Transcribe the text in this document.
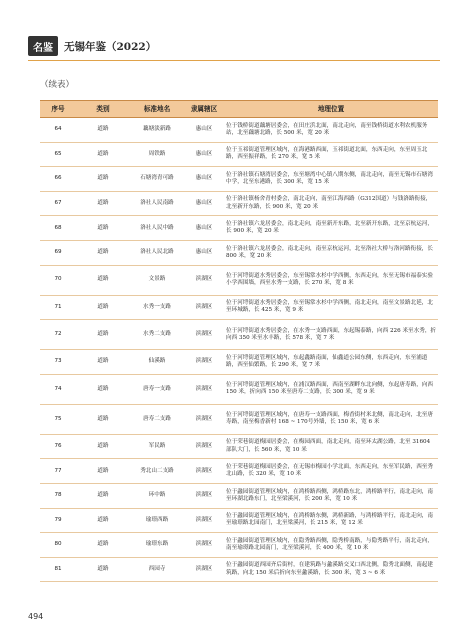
名鉴	无锡年鉴（2022）
（续表）
序号	类别	标准地名	隶属辖区	地理位置
64	道路	藕塘淡新路	惠山区	位于钱桥街道藕塘居委会，在田庄浜北面，南北走向，南至钱桥街道水利农机服务站，北至藕塘北路，长 500 米，宽 20 米
65	道路	周铁路	惠山区	位于玉祁街道管理区域内，在海港路西面，玉祁街道北面，东西走向，东至周玉北路，西至振祥路，长 270 米，宽 5 米
66	道路	石塘湾青可路	惠山区	位于洛社镇石塘湾居委会，东至塘湾中心镇八期东侧，南北走向，南至无锡市石塘湾中学，北至东港路，长 300 米，宽 15 米
67	道路	洛社人民南路	惠山区	位于洛社镇杨舍青村委会，南北走向，南至江海西路（G312国道）与钱洛路衔接，北至新开东路，长 900 米，宽 20 米
68	道路	洛社人民中路	惠山区	位于洛社镇六龙居委会，南北走向，南至新开东路，北至新开东路，北至京杭运河，长 900 米，宽 20 米
69	道路	洛社人民北路	惠山区	位于洛社镇六龙居委会，南北走向，南至京杭运河，北至洛社大桥与洛河路衔接，长 800 米，宽 20 米
70	道路	文景路	滨湖区	位于河埒街道水秀居委会，东至锡常水杉中学西侧，东西走向，东至无锡市福泰实验小学西围墙，西至水秀一支路，长 270 米，宽 8 米
71	道路	水秀一支路	滨湖区	位于河埒街道水秀居委会，东至锡常水杉中学西侧，南北走向，南至文景路北延，北至环城路，长 425 米，宽 9 米
72	道路	水秀二支路	滨湖区	位于河埒街道水秀居委会，在水秀一支路西面，东起锡泰路，向西 226 米至水秀，折向西 350 米至水丰路，长 578 米，宽 7 米
73	道路	仙溪路	滨湖区	位于河埒街道管理区域内，东起鑫路南面，仙鑫道公园东侧，东西走向，东至浦道路，西至仙繁路，长 290 米，宽 7 米
74	道路	唐寿一支路	滨湖区	位于河埒街道管理区域内，在浦汉路西面，西南至湖畔东北向侧，东起唐寿路，向西 150 米，折向西 150 米至唐寿二支路，长 300 米，宽 9 米
75	道路	唐寿二支路	滨湖区	位于河埒街道管理区域内，在唐寿一支路西面，梅香街村米北侧，南北走向，北至唐寿路，南至梅香新村 168 ~ 170号外墙，长 150 米，宽 6 米
76	道路	军民路	滨湖区	位于荣巷街道梅园居委会，在梅园西面，南北走向，南至环太湖公路，北至 31604 部队大门，长 560 米，宽 10 米
77	道路	秀北山二支路	滨湖区	位于荣巷街道梅园居委会，在无锡市梅园小学北面，东西走向，东至军民路，西至秀北山路，长 320 米，宽 10 米
78	道路	环中路	滨湖区	位于蠡园街道管理区域内，在鸿桥路西侧，鸿桥路东北，鸿桥路平行，南北走向，南至环湖北路东门，北至梁溪河，长 200 米，宽 10 米
79	道路	瑜璟西路	滨湖区	位于蠡园街道管理区域内，在鸿桥路东侧，鸿桥新路，与鸿桥路平行，南北走向，南至瑜璟路北园南门，北至梁溪河，长 215 米，宽 12 米
80	道路	瑜璟东路	滨湖区	位于蠡园街道管理区域内，在隐秀路西侧，隐秀桥南路，与隐秀路平行，南北走向，南至瑜璟路北园南门，北至梁溪河，长 400 米，宽 10 米
81	道路	西园寺	滨湖区	位于蠡园街道西园齐后街村，在建筑路与蠡溪路交叉口西北侧，隐秀北面侧，南起建筑路，向北 150 米后折向东至蠡溪路，长 300 米，宽 3 ~ 6 米
494
